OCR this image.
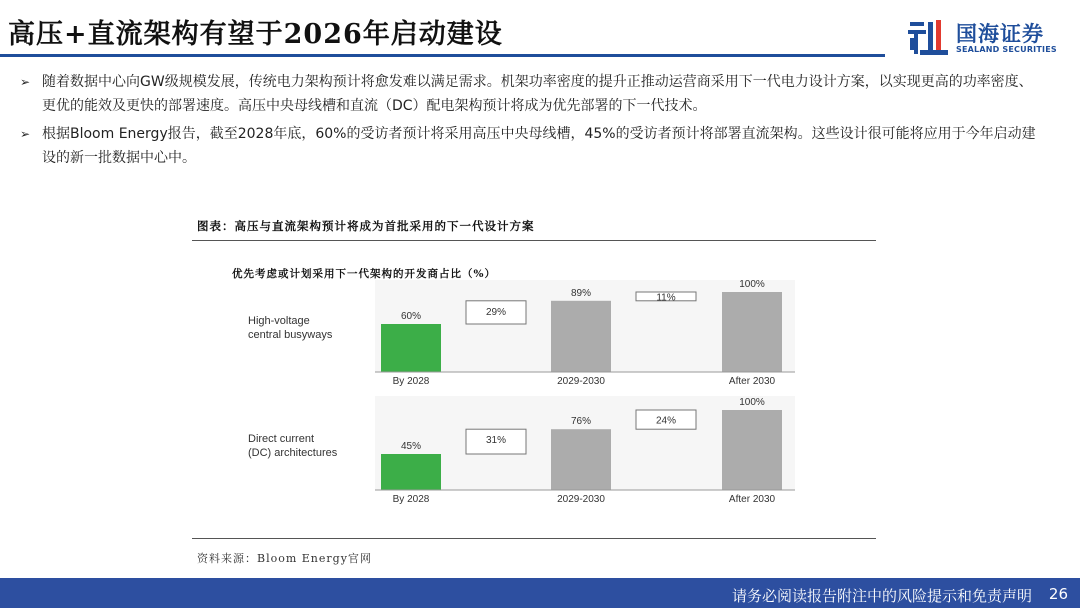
高压+直流架构有望于2026年启动建设	国海证券
SEALAND SECURITIES
➢ 随着数据中心向GW级规模发展，传统电力架构预计将愈发难以满足需求。机架功率密度的提升正推动运营商采用下一代电力设计方案，以实现更高的功率密度、更优的能效及更快的部署速度。高压中央母线槽和直流（DC）配电架构预计将成为优先部署的下一代技术。
➢ 根据Bloom Energy报告，截至2028年底，60%的受访者预计将采用高压中央母线槽，45%的受访者预计将部署直流架构。这些设计很可能将应用于今年启动建设的新一批数据中心中。
图表：高压与直流架构预计将成为首批采用的下一代设计方案
优先考虑或计划采用下一代架构的开发商占比（%）
High-voltage
central busyways
60%
89%
100%
29%
11%
By 2028	2029-2030	After 2030
Direct current
(DC) architectures
45%
76%
100%
31%
24%
By 2028	2029-2030	After 2030
资料来源：Bloom Energy官网
请务必阅读报告附注中的风险提示和免责声明 26
